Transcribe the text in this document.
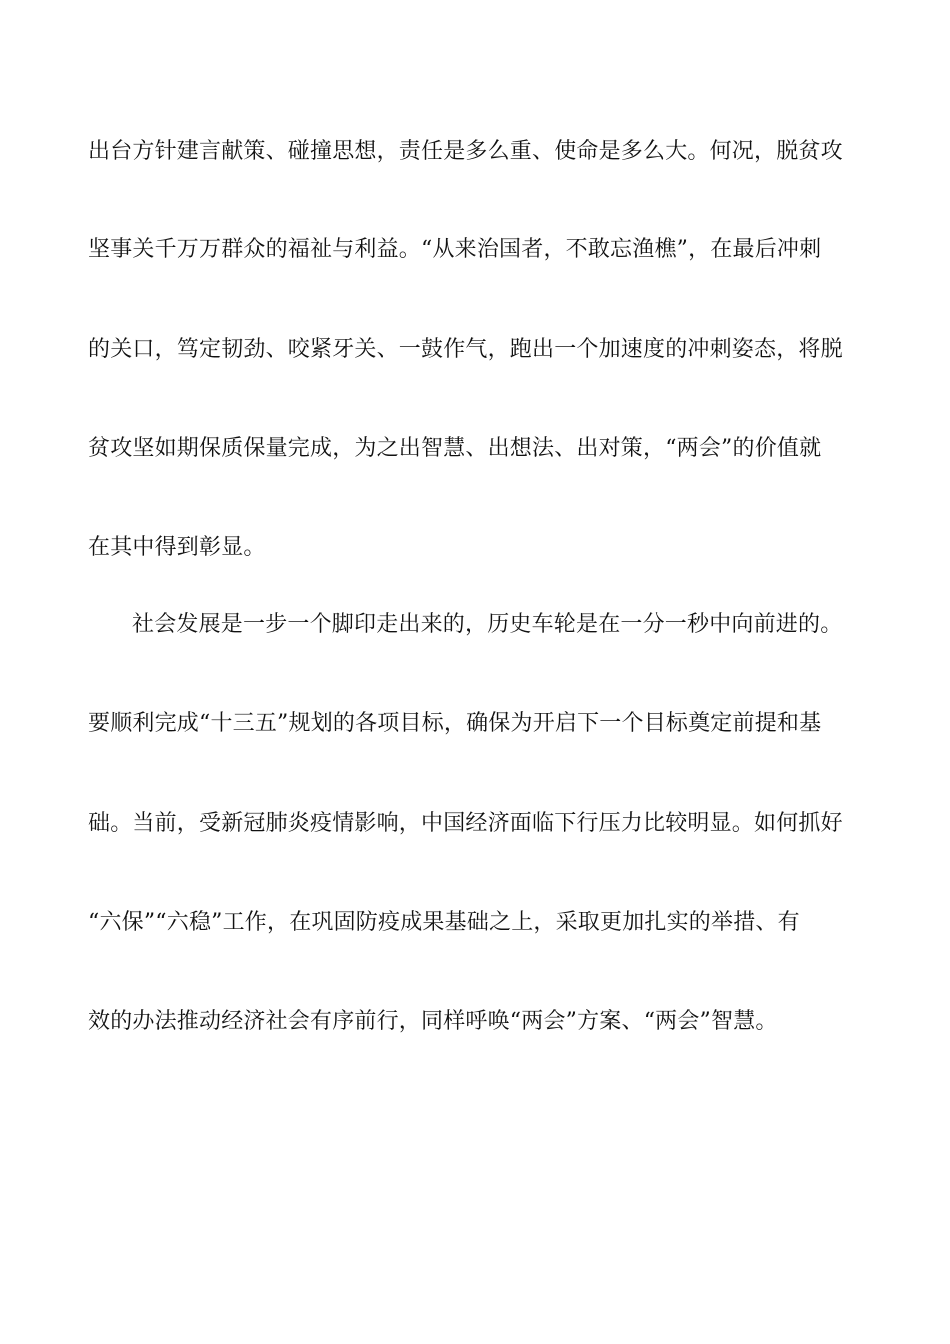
出台方针建言献策、碰撞思想，责任是多么重、使命是多么大。何况，脱贫攻
坚事关千万万群众的福祉与利益。“从来治国者，不敢忘渔樵”，在最后冲刺
的关口，笃定韧劲、咬紧牙关、一鼓作气，跑出一个加速度的冲刺姿态，将脱
贫攻坚如期保质保量完成，为之出智慧、出想法、出对策，“两会”的价值就
在其中得到彰显。
社会发展是一步一个脚印走出来的，历史车轮是在一分一秒中向前进的。
要顺利完成“十三五”规划的各项目标，确保为开启下一个目标奠定前提和基
础。当前，受新冠肺炎疫情影响，中国经济面临下行压力比较明显。如何抓好
“六保”“六稳”工作，在巩固防疫成果基础之上，采取更加扎实的举措、有
效的办法推动经济社会有序前行，同样呼唤“两会”方案、“两会”智慧。
